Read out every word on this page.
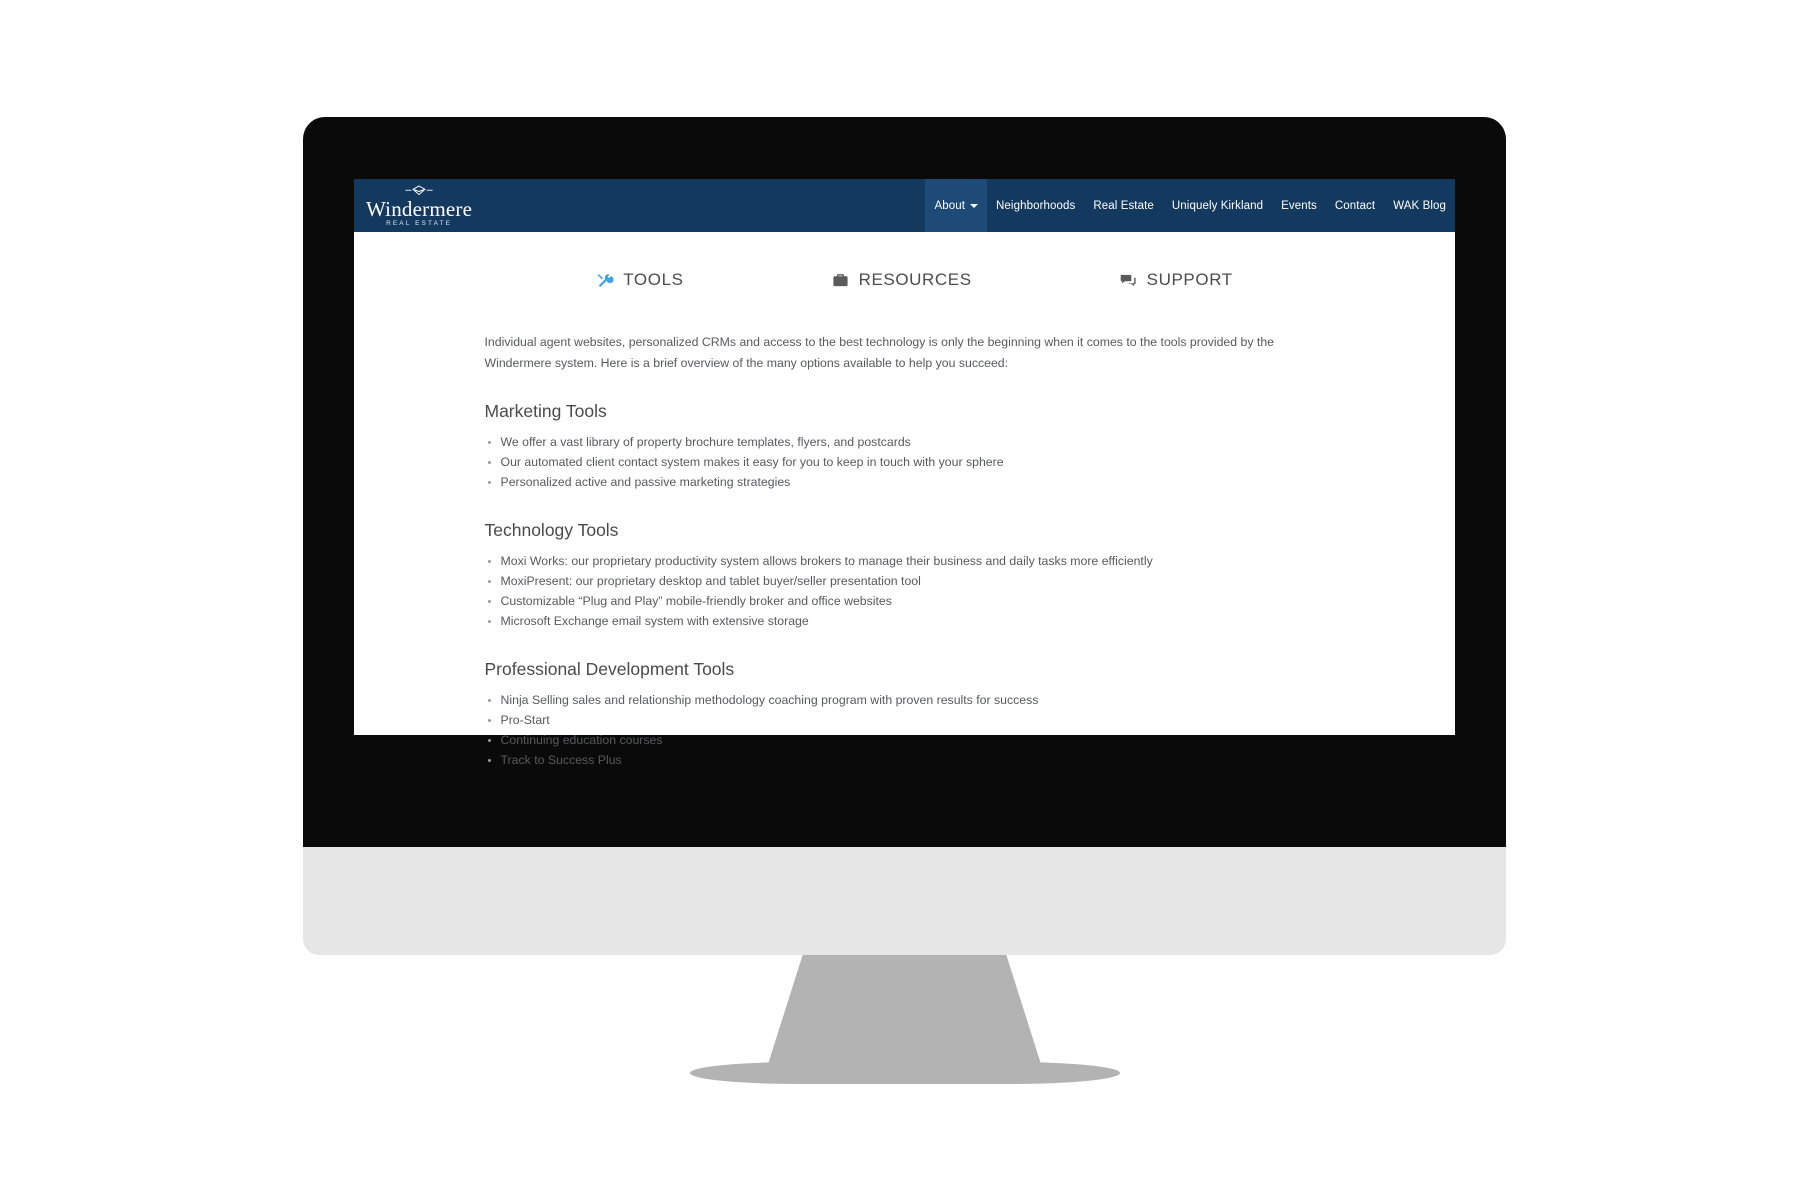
Windermere
REAL ESTATE
About	Neighborhoods Real Estate Uniquely Kirkland Events Contact WAK Blog
TOOLS	RESOURCES	SUPPORT

Individual agent websites, personalized CRMs and access to the best technology is only the beginning when it comes to the tools provided by the Windermere system. Here is a brief overview of the many options available to help you succeed:

Marketing Tools
We offer a vast library of property brochure templates, flyers, and postcards
Our automated client contact system makes it easy for you to keep in touch with your sphere
Personalized active and passive marketing strategies
Technology Tools
Moxi Works: our proprietary productivity system allows brokers to manage their business and daily tasks more efficiently
MoxiPresent: our proprietary desktop and tablet buyer/seller presentation tool
Customizable “Plug and Play” mobile-friendly broker and office websites
Microsoft Exchange email system with extensive storage
Professional Development Tools
Ninja Selling sales and relationship methodology coaching program with proven results for success
Pro-Start
Continuing education courses
Track to Success Plus
